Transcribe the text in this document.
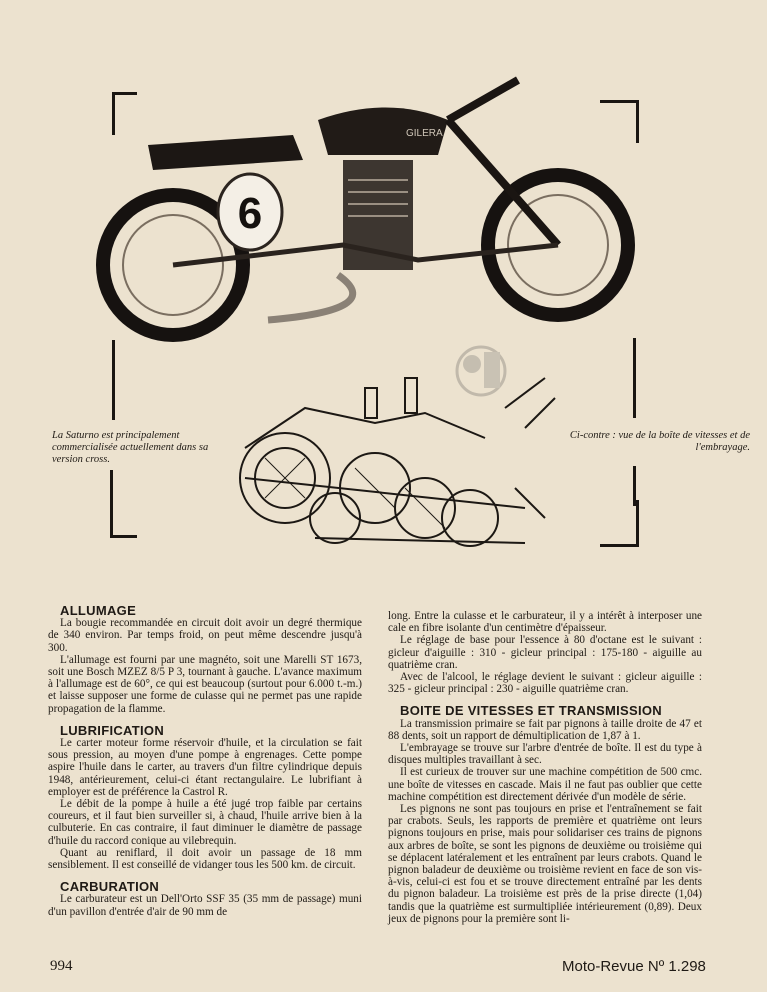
6
GILERA
La Saturno est principalement commercialisée actuellement dans sa version cross.
Ci-contre : vue de la boîte de vitesses et de l'embrayage.

ALLUMAGE

La bougie recommandée en circuit doit avoir un degré thermique de 340 environ. Par temps froid, on peut même descendre jusqu'à 300.

L'allumage est fourni par une magnéto, soit une Marelli ST 1673, soit une Bosch MZEZ 8/5 P 3, tournant à gauche. L'avance maximum à l'allumage est de 60°, ce qui est beaucoup (surtout pour 6.000 t.-m.) et laisse supposer une forme de culasse qui ne permet pas une rapide propagation de la flamme.

LUBRIFICATION

Le carter moteur forme réservoir d'huile, et la circulation se fait sous pression, au moyen d'une pompe à engrenages. Cette pompe aspire l'huile dans le carter, au travers d'un filtre cylindrique depuis 1948, antérieurement, celui-ci étant rectangulaire. Le lubrifiant à employer est de préférence la Castrol R.

Le débit de la pompe à huile a été jugé trop faible par certains coureurs, et il faut bien surveiller si, à chaud, l'huile arrive bien à la culbuterie. En cas contraire, il faut diminuer le diamètre de passage d'huile du raccord conique au vilebrequin.

Quant au reniflard, il doit avoir un passage de 18 mm sensiblement. Il est conseillé de vidanger tous les 500 km. de circuit.

CARBURATION

Le carburateur est un Dell'Orto SSF 35 (35 mm de passage) muni d'un pavillon d'entrée d'air de 90 mm de

long. Entre la culasse et le carburateur, il y a intérêt à interposer une cale en fibre isolante d'un centimètre d'épaisseur.

Le réglage de base pour l'essence à 80 d'octane est le suivant : gicleur d'aiguille : 310 - gicleur principal : 175-180 - aiguille au quatrième cran.

Avec de l'alcool, le réglage devient le suivant : gicleur aiguille : 325 - gicleur principal : 230 - aiguille quatrième cran.

BOITE DE VITESSES ET TRANSMISSION

La transmission primaire se fait par pignons à taille droite de 47 et 88 dents, soit un rapport de démultiplication de 1,87 à 1.

L'embrayage se trouve sur l'arbre d'entrée de boîte. Il est du type à disques multiples travaillant à sec.

Il est curieux de trouver sur une machine compétition de 500 cmc. une boîte de vitesses en cascade. Mais il ne faut pas oublier que cette machine compétition est directement dérivée d'un modèle de série.

Les pignons ne sont pas toujours en prise et l'entraînement se fait par crabots. Seuls, les rapports de première et quatrième ont leurs pignons toujours en prise, mais pour solidariser ces trains de pignons aux arbres de boîte, se sont les pignons de deuxième ou troisième qui se déplacent latéralement et les entraînent par leurs crabots. Quand le pignon baladeur de deuxième ou troisième revient en face de son vis-à-vis, celui-ci est fou et se trouve directement entraîné par les dents du pignon baladeur. La troisième est près de la prise directe (1,04) tandis que la quatrième est surmultipliée intérieurement (0,89). Deux jeux de pignons pour la première sont li-

994	Moto-Revue Nº 1.298
